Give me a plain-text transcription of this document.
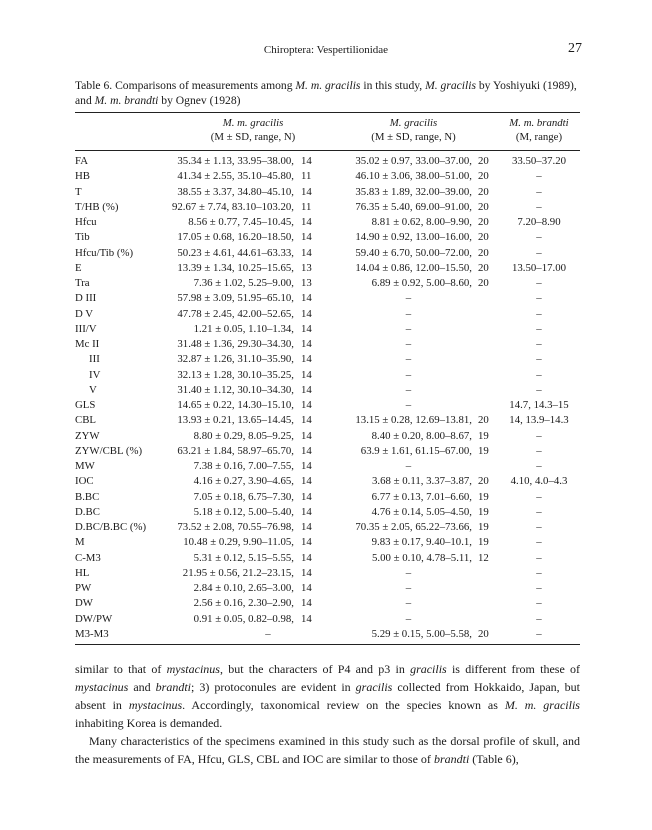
Chiroptera: Vespertilionidae	27
Table 6. Comparisons of measurements among M. m. gracilis in this study, M. gracilis by Yoshiyuki (1989), and M. m. brandti by Ognev (1928)
	M. m. gracilis		M. gracilis		M. m. brandti
	(M ± SD, range, N)		(M ± SD, range, N)		(M, range)
FA	35.34 ± 1.13, 33.95–38.00,	14	35.02 ± 0.97, 33.00–37.00,	20	33.50–37.20
HB	41.34 ± 2.55, 35.10–45.80,	11	46.10 ± 3.06, 38.00–51.00,	20	–
T	38.55 ± 3.37, 34.80–45.10,	14	35.83 ± 1.89, 32.00–39.00,	20	–
T/HB (%)	92.67 ± 7.74, 83.10–103.20,	11	76.35 ± 5.40, 69.00–91.00,	20	–
Hfcu	8.56 ± 0.77, 7.45–10.45,	14	8.81 ± 0.62, 8.00–9.90,	20	7.20–8.90
Tib	17.05 ± 0.68, 16.20–18.50,	14	14.90 ± 0.92, 13.00–16.00,	20	–
Hfcu/Tib (%)	50.23 ± 4.61, 44.61–63.33,	14	59.40 ± 6.70, 50.00–72.00,	20	–
E	13.39 ± 1.34, 10.25–15.65,	13	14.04 ± 0.86, 12.00–15.50,	20	13.50–17.00
Tra	7.36 ± 1.02, 5.25–9.00,	13	6.89 ± 0.92, 5.00–8.60,	20	–
D III	57.98 ± 3.09, 51.95–65.10,	14	–		–
D V	47.78 ± 2.45, 42.00–52.65,	14	–		–
III/V	1.21 ± 0.05, 1.10–1.34,	14	–		–
Mc II	31.48 ± 1.36, 29.30–34.30,	14	–		–
III	32.87 ± 1.26, 31.10–35.90,	14	–		–
IV	32.13 ± 1.28, 30.10–35.25,	14	–		–
V	31.40 ± 1.12, 30.10–34.30,	14	–		–
GLS	14.65 ± 0.22, 14.30–15.10,	14	–		14.7, 14.3–15
CBL	13.93 ± 0.21, 13.65–14.45,	14	13.15 ± 0.28, 12.69–13.81,	20	14, 13.9–14.3
ZYW	8.80 ± 0.29, 8.05–9.25,	14	8.40 ± 0.20, 8.00–8.67,	19	–
ZYW/CBL (%)	63.21 ± 1.84, 58.97–65.70,	14	63.9 ± 1.61, 61.15–67.00,	19	–
MW	7.38 ± 0.16, 7.00–7.55,	14	–		–
IOC	4.16 ± 0.27, 3.90–4.65,	14	3.68 ± 0.11, 3.37–3.87,	20	4.10, 4.0–4.3
B.BC	7.05 ± 0.18, 6.75–7.30,	14	6.77 ± 0.13, 7.01–6.60,	19	–
D.BC	5.18 ± 0.12, 5.00–5.40,	14	4.76 ± 0.14, 5.05–4.50,	19	–
D.BC/B.BC (%)	73.52 ± 2.08, 70.55–76.98,	14	70.35 ± 2.05, 65.22–73.66,	19	–
M	10.48 ± 0.29, 9.90–11.05,	14	9.83 ± 0.17, 9.40–10.1,	19	–
C-M3	5.31 ± 0.12, 5.15–5.55,	14	5.00 ± 0.10, 4.78–5.11,	12	–
HL	21.95 ± 0.56, 21.2–23.15,	14	–		–
PW	2.84 ± 0.10, 2.65–3.00,	14	–		–
DW	2.56 ± 0.16, 2.30–2.90,	14	–		–
DW/PW	0.91 ± 0.05, 0.82–0.98,	14	–		–
M3-M3	–		5.29 ± 0.15, 5.00–5.58,	20	–

similar to that of mystacinus, but the characters of P4 and p3 in gracilis is different from these of mystacinus and brandti; 3) protoconules are evident in gracilis collected from Hokkaido, Japan, but absent in mystacinus. Accordingly, taxonomical review on the species known as M. m. gracilis inhabiting Korea is demanded.

Many characteristics of the specimens examined in this study such as the dorsal profile of skull, and the measurements of FA, Hfcu, GLS, CBL and IOC are similar to those of brandti (Table 6),
